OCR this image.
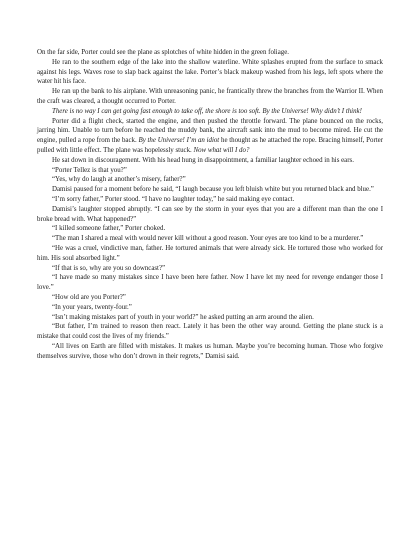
On the far side, Porter could see the plane as splotches of white hidden in the green foliage.

He ran to the southern edge of the lake into the shallow waterline. White splashes erupted from the surface to smack against his legs. Waves rose to slap back against the lake. Porter’s black makeup washed from his legs, left spots where the water hit his face.

He ran up the bank to his airplane. With unreasoning panic, he frantically threw the branches from the Warrior II. When the craft was cleared, a thought occurred to Porter.

There is no way I can get going fast enough to take off, the shore is too soft. By the Universe! Why didn’t I think!

Porter did a flight check, started the engine, and then pushed the throttle forward. The plane bounced on the rocks, jarring him. Unable to turn before he reached the muddy bank, the aircraft sank into the mud to become mired. He cut the engine, pulled a rope from the back. By the Universe! I’m an idiot he thought as he attached the rope. Bracing himself, Porter pulled with little effect. The plane was hopelessly stuck. Now what will I do?

He sat down in discouragement. With his head hung in disappointment, a familiar laughter echoed in his ears.

“Porter Tellez is that you?”

“Yes, why do laugh at another’s misery, father?”

Damisi paused for a moment before he said, “I laugh because you left bluish white but you returned black and blue.”

“I’m sorry father,” Porter stood. “I have no laughter today,” he said making eye contact.

Damisi’s laughter stopped abruptly. “I can see by the storm in your eyes that you are a different man than the one I broke bread with. What happened?”

“I killed someone father,” Porter choked.

“The man I shared a meal with would never kill without a good reason. Your eyes are too kind to be a murderer.”

“He was a cruel, vindictive man, father. He tortured animals that were already sick. He tortured those who worked for him. His soul absorbed light.”

“If that is so, why are you so downcast?”

“I have made so many mistakes since I have been here father. Now I have let my need for revenge endanger those I love.”

“How old are you Porter?”

“In your years, twenty-four.”

“Isn’t making mistakes part of youth in your world?” he asked putting an arm around the alien.

“But father, I’m trained to reason then react. Lately it has been the other way around. Getting the plane stuck is a mistake that could cost the lives of my friends.”

“All lives on Earth are filled with mistakes. It makes us human. Maybe you’re becoming human. Those who forgive themselves survive, those who don’t drown in their regrets,” Damisi said.
